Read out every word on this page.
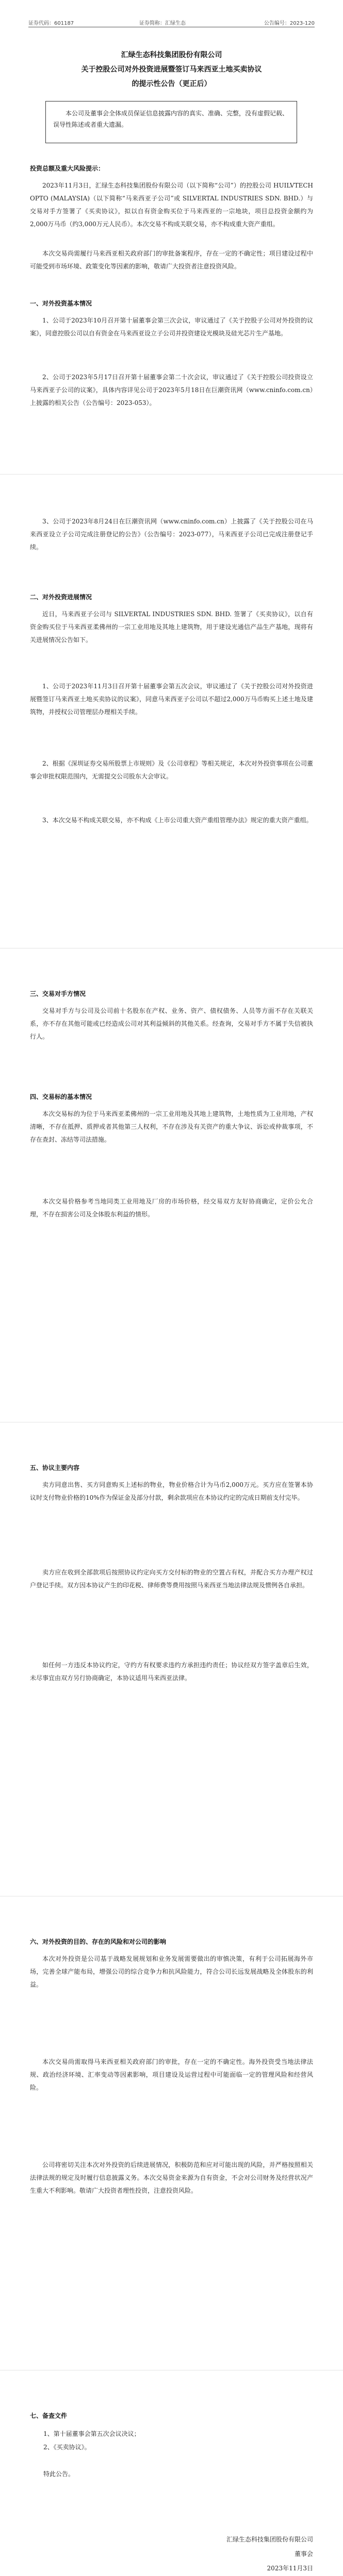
证券代码：601187	证券简称：汇绿生态	公告编号：2023-120
汇绿生态科技集团股份有限公司
关于控股公司对外投资进展暨签订马来西亚土地买卖协议
的提示性公告（更正后）
本公司及董事会全体成员保证信息披露内容的真实、准确、完整，没有虚假记载、误导性陈述或者重大遗漏。
投资总额及重大风险提示：
2023年11月3日，汇绿生态科技集团股份有限公司（以下简称“公司”）的控股公司 HUILVTECH OPTO (MALAYSIA)（以下简称“马来西亚子公司”或 SILVERTAL INDUSTRIES SDN. BHD.）与交易对手方签署了《买卖协议》，拟以自有资金购买位于马来西亚的一宗地块，项目总投资金额约为2,000万马币（约3,000万元人民币）。本次交易不构成关联交易，亦不构成重大资产重组。
本次交易尚需履行马来西亚相关政府部门的审批备案程序，存在一定的不确定性；项目建设过程中可能受到市场环境、政策变化等因素的影响，敬请广大投资者注意投资风险。
一、对外投资基本情况
1、公司于2023年10月召开第十届董事会第三次会议，审议通过了《关于控股子公司对外投资的议案》，同意控股公司以自有资金在马来西亚设立子公司并投资建设光模块及硅光芯片生产基地。
2、公司于2023年5月17日召开第十届董事会第二十次会议，审议通过了《关于控股公司投资设立马来西亚子公司的议案》，具体内容详见公司于2023年5月18日在巨潮资讯网（www.cninfo.com.cn）上披露的相关公告（公告编号：2023-053）。
3、公司于2023年8月24日在巨潮资讯网（www.cninfo.com.cn）上披露了《关于控股公司在马来西亚设立子公司完成注册登记的公告》（公告编号：2023-077），马来西亚子公司已完成注册登记手续。
二、对外投资进展情况
近日，马来西亚子公司与 SILVERTAL INDUSTRIES SDN. BHD. 签署了《买卖协议》，以自有资金购买位于马来西亚柔佛州的一宗工业用地及其地上建筑物，用于建设光通信产品生产基地，现将有关进展情况公告如下。
1、公司于2023年11月3日召开第十届董事会第五次会议，审议通过了《关于控股公司对外投资进展暨签订马来西亚土地买卖协议的议案》，同意马来西亚子公司以不超过2,000万马币购买上述土地及建筑物，并授权公司管理层办理相关手续。
2、根据《深圳证券交易所股票上市规则》及《公司章程》等相关规定，本次对外投资事项在公司董事会审批权限范围内，无需提交公司股东大会审议。
3、本次交易不构成关联交易，亦不构成《上市公司重大资产重组管理办法》规定的重大资产重组。
三、交易对手方情况
交易对手方与公司及公司前十名股东在产权、业务、资产、债权债务、人员等方面不存在关联关系，亦不存在其他可能或已经造成公司对其利益倾斜的其他关系。经查询，交易对手方不属于失信被执行人。
四、交易标的基本情况
本次交易标的为位于马来西亚柔佛州的一宗工业用地及其地上建筑物，土地性质为工业用地，产权清晰，不存在抵押、质押或者其他第三人权利，不存在涉及有关资产的重大争议、诉讼或仲裁事项，不存在查封、冻结等司法措施。
本次交易价格参考当地同类工业用地及厂房的市场价格，经交易双方友好协商确定，定价公允合理，不存在损害公司及全体股东利益的情形。
五、协议主要内容
卖方同意出售、买方同意购买上述标的物业，物业价格合计为马币2,000万元。买方应在签署本协议时支付物业价格的10%作为保证金及部分付款，剩余款项应在本协议约定的完成日期前支付完毕。
卖方应在收到全部款项后按照协议约定向买方交付标的物业的空置占有权，并配合买方办理产权过户登记手续。双方因本协议产生的印花税、律师费等费用按照马来西亚当地法律法规及惯例各自承担。
如任何一方违反本协议约定，守约方有权要求违约方承担违约责任；协议经双方签字盖章后生效，未尽事宜由双方另行协商确定，本协议适用马来西亚法律。
六、对外投资的目的、存在的风险和对公司的影响
本次对外投资是公司基于战略发展规划和业务发展需要做出的审慎决策，有利于公司拓展海外市场，完善全球产能布局，增强公司的综合竞争力和抗风险能力，符合公司长远发展战略及全体股东的利益。
本次交易尚需取得马来西亚相关政府部门的审批，存在一定的不确定性。海外投资受当地法律法规、政治经济环境、汇率变动等因素影响，项目建设及运营过程中可能面临一定的管理风险和经营风险。
公司将密切关注本次对外投资的后续进展情况，积极防范和应对可能出现的风险，并严格按照相关法律法规的规定及时履行信息披露义务。本次交易资金来源为自有资金，不会对公司财务及经营状况产生重大不利影响。敬请广大投资者理性投资，注意投资风险。
七、备查文件
1、第十届董事会第五次会议决议；
2、《买卖协议》。
特此公告。
汇绿生态科技集团股份有限公司
董事会
2023年11月3日
